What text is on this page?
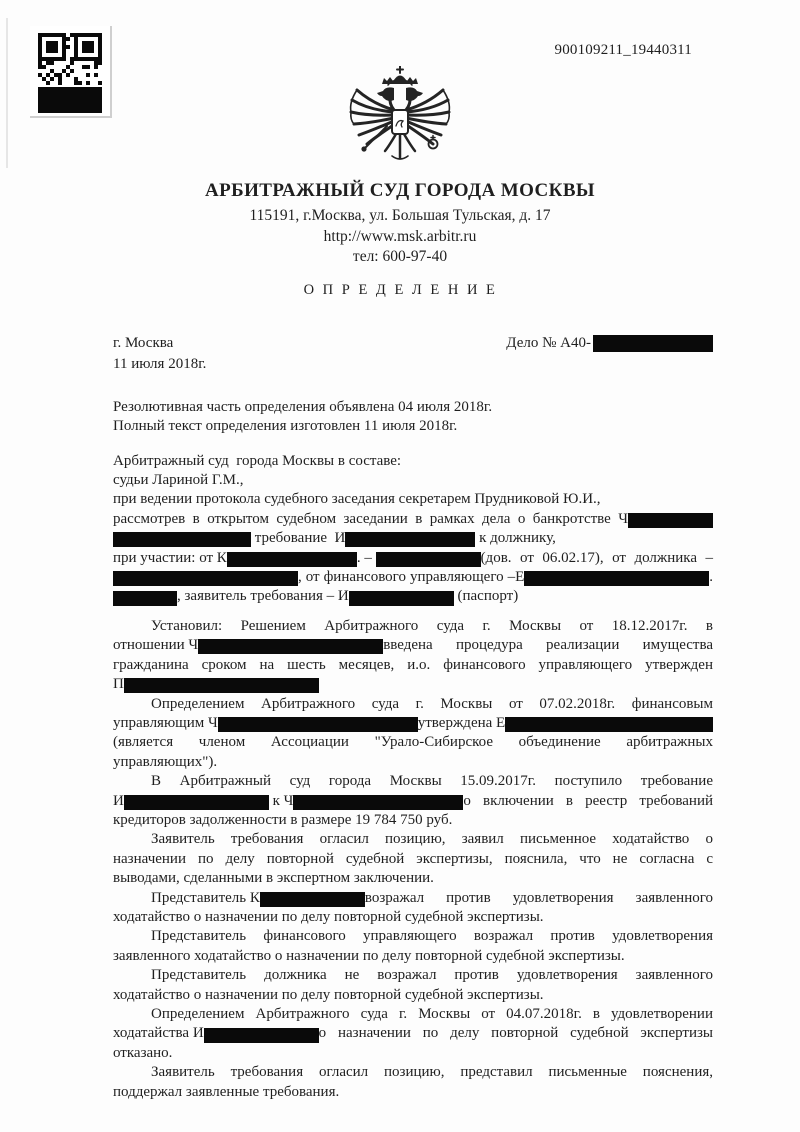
900109211_19440311
АРБИТРАЖНЫЙ СУД ГОРОДА МОСКВЫ
115191, г.Москва, ул. Большая Тульская, д. 17
http://www.msk.arbitr.ru
тел: 600-97-40
О П Р Е Д Е Л Е Н И Е
г. Москва	Дело № А40-
11 июля 2018г.
Резолютивная часть определения объявлена 04 июля 2018г.
Полный текст определения изготовлен 11 июля 2018г.
Арбитражный суд  города Москвы в составе:
судьи Лариной Г.М.,
при ведении протокола судебного заседания секретарем Прудниковой Ю.И.,
рассмотрев в открытом судебном заседании в рамках дела о банкротстве Ч
требование  И	к должнику,
при участии: от К	. –	(дов. от 06.02.17), от должника –
, от финансового управляющего –Е	.
, заявитель требования – И	(паспорт)
Установил: Решением Арбитражного суда г. Москвы от 18.12.2017г. в
отношении Ч	введена процедура реализации имущества
гражданина сроком на шесть месяцев, и.о. финансового управляющего утвержден
П
Определением Арбитражного суда г. Москвы от 07.02.2018г. финансовым
управляющим Ч	утверждена Е
(является членом Ассоциации "Урало-Сибирское объединение арбитражных
управляющих").
В Арбитражный суд города Москвы 15.09.2017г. поступило требование
И	к Ч	о включении в реестр требований
кредиторов задолженности в размере 19 784 750 руб.
Заявитель требования огласил позицию, заявил письменное ходатайство о
назначении по делу повторной судебной экспертизы, пояснила, что не согласна с
выводами, сделанными в экспертном заключении.
Представитель К	возражал против удовлетворения заявленного
ходатайство о назначении по делу повторной судебной экспертизы.
Представитель финансового управляющего возражал против удовлетворения
заявленного ходатайство о назначении по делу повторной судебной экспертизы.
Представитель должника не возражал против удовлетворения заявленного
ходатайство о назначении по делу повторной судебной экспертизы.
Определением Арбитражного суда г. Москвы от 04.07.2018г. в удовлетворении
ходатайства И	о назначении по делу повторной судебной экспертизы
отказано.
Заявитель требования огласил позицию, представил письменные пояснения,
поддержал заявленные требования.
